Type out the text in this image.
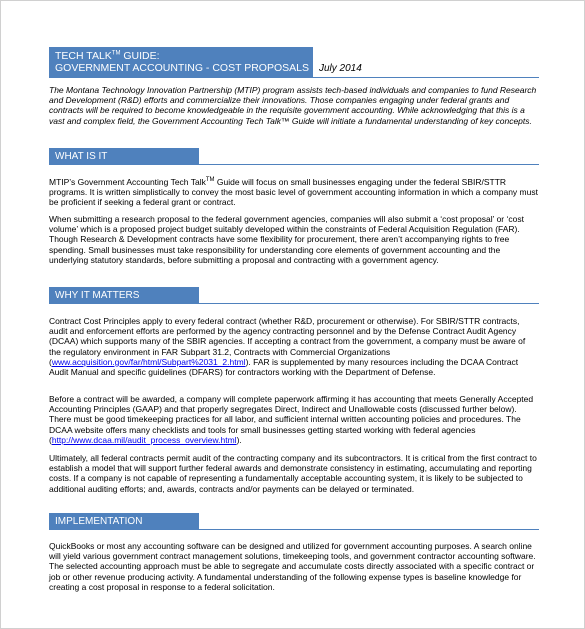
TECH TALK™ GUIDE:
GOVERNMENT ACCOUNTING - COST PROPOSALS	July 2014

The Montana Technology Innovation Partnership (MTIP) program assists tech-based individuals and companies to fund Research and Development (R&D) efforts and commercialize their innovations. Those companies engaging under federal grants and contracts will be required to become knowledgeable in the requisite government accounting. While acknowledging that this is a vast and complex field, the Government Accounting Tech Talk™ Guide will initiate a fundamental understanding of key concepts.

WHAT IS IT

MTIP’s Government Accounting Tech Talk™ Guide will focus on small businesses engaging under the federal SBIR/STTR programs. It is written simplistically to convey the most basic level of government accounting information in which a company must be proficient if seeking a federal grant or contract.

When submitting a research proposal to the federal government agencies, companies will also submit a ‘cost proposal’ or ‘cost volume’ which is a proposed project budget suitably developed within the constraints of Federal Acquisition Regulation (FAR). Though Research & Development contracts have some flexibility for procurement, there aren’t accompanying rights to free spending. Small businesses must take responsibility for understanding core elements of government accounting and the underlying statutory standards, before submitting a proposal and contracting with a government agency.

WHY IT MATTERS

Contract Cost Principles apply to every federal contract (whether R&D, procurement or otherwise). For SBIR/STTR contracts, audit and enforcement efforts are performed by the agency contracting personnel and by the Defense Contract Audit Agency (DCAA) which supports many of the SBIR agencies. If accepting a contract from the government, a company must be aware of the regulatory environment in FAR Subpart 31.2, Contracts with Commercial Organizations (www.acquisition.gov/far/html/Subpart%2031_2.html). FAR is supplemented by many resources including the DCAA Contract Audit Manual and specific guidelines (DFARS) for contractors working with the Department of Defense.

Before a contract will be awarded, a company will complete paperwork affirming it has accounting that meets Generally Accepted Accounting Principles (GAAP) and that properly segregates Direct, Indirect and Unallowable costs (discussed further below). There must be good timekeeping practices for all labor, and sufficient internal written accounting policies and procedures. The DCAA website offers many checklists and tools for small businesses getting started working with federal agencies (http://www.dcaa.mil/audit_process_overview.html).

Ultimately, all federal contracts permit audit of the contracting company and its subcontractors. It is critical from the first contract to establish a model that will support further federal awards and demonstrate consistency in estimating, accumulating and reporting costs. If a company is not capable of representing a fundamentally acceptable accounting system, it is likely to be subjected to additional auditing efforts; and, awards, contracts and/or payments can be delayed or terminated.

IMPLEMENTATION

QuickBooks or most any accounting software can be designed and utilized for government accounting purposes. A search online will yield various government contract management solutions, timekeeping tools, and government contractor accounting software. The selected accounting approach must be able to segregate and accumulate costs directly associated with a specific contract or job or other revenue producing activity. A fundamental understanding of the following expense types is baseline knowledge for creating a cost proposal in response to a federal solicitation.
